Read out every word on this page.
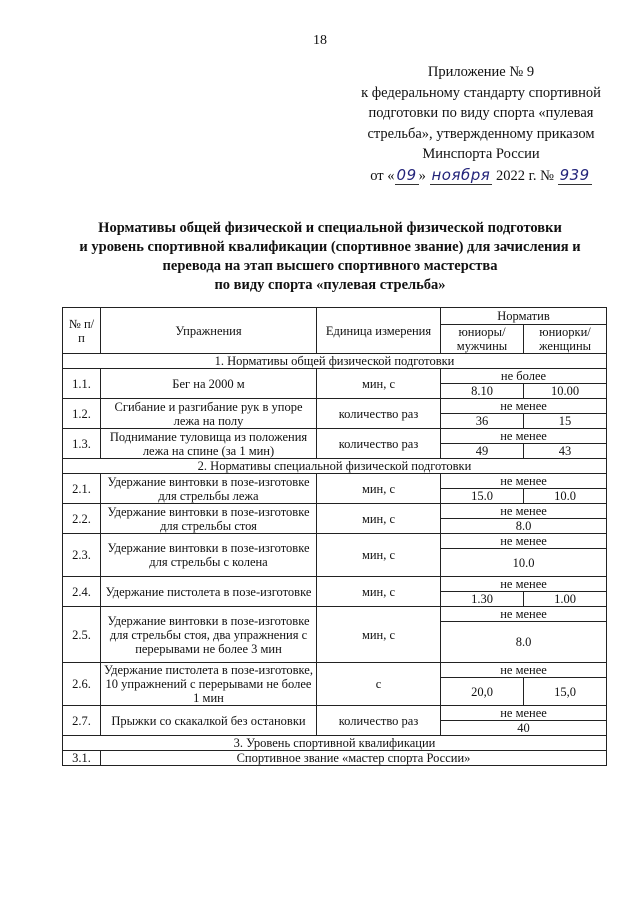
18
Приложение № 9
к федеральному стандарту спортивной
подготовки по виду спорта «пулевая
стрельба», утвержденному приказом
Минспорта России
от « 09 » ноября 2022 г. № 939
Нормативы общей физической и специальной физической подготовки
и уровень спортивной квалификации (спортивное звание) для зачисления и
перевода на этап высшего спортивного мастерства
по виду спорта «пулевая стрельба»
№ п/п	Упражнения	Единица измерения	Норматив	
			юниоры/ мужчины	юниорки/ женщины
1. Нормативы общей физической подготовки				
1.1.	Бег на 2000 м	мин, с	не более	
			8.10	10.00
1.2.	Сгибание и разгибание рук в упоре лежа на полу	количество раз	не менее	
			36	15
1.3.	Поднимание туловища из положения лежа на спине (за 1 мин)	количество раз	не менее	
			49	43
2. Нормативы специальной физической подготовки				
2.1.	Удержание винтовки в позе-изготовке для стрельбы лежа	мин, с	не менее	
			15.0	10.0
2.2.	Удержание винтовки в позе-изготовке для стрельбы стоя	мин, с	не менее	
			8.0	
2.3.	Удержание винтовки в позе-изготовке для стрельбы с колена	мин, с	не менее	
			10.0	
2.4.	Удержание пистолета в позе-изготовке	мин, с	не менее	
			1.30	1.00
2.5.	Удержание винтовки в позе-изготовке для стрельбы стоя, два упражнения с перерывами не более 3 мин	мин, с	не менее	
			8.0	
2.6.	Удержание пистолета в позе-изготовке, 10 упражнений с перерывами не более 1 мин	с	не менее	
			20,0	15,0
2.7.	Прыжки со скакалкой без остановки	количество раз	не менее	
			40	
3. Уровень спортивной квалификации				
3.1.	Спортивное звание «мастер спорта России»			
